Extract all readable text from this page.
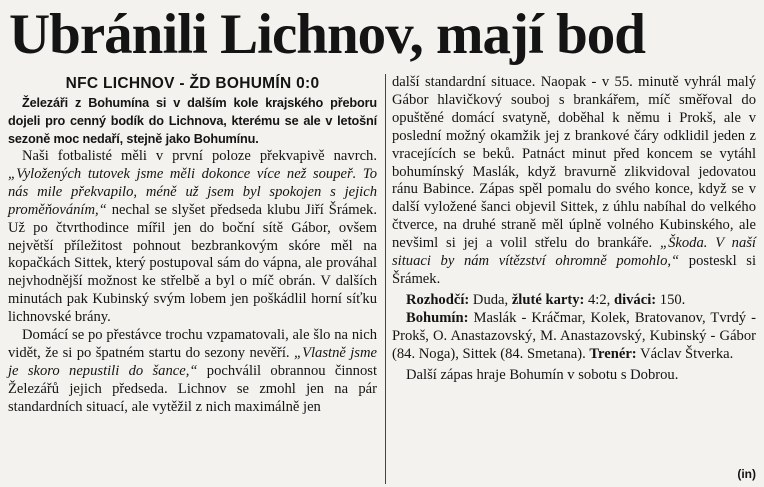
Ubránili Lichnov, mají bod

NFC LICHNOV - ŽD BOHUMÍN 0:0

Železáři z Bohumína si v dalším kole krajského přeboru dojeli pro cenný bodík do Lichnova, kterému se ale v letošní sezoně moc nedaří, stejně jako Bohumínu.

Naši fotbalisté měli v první poloze překvapivě navrch. „Vyložených tutovek jsme měli dokonce více než soupeř. To nás mile překvapilo, méně už jsem byl spokojen s jejich proměňováním,“ nechal se slyšet předseda klubu Jiří Šrámek. Už po čtvrthodince mířil jen do boční sítě Gábor, ovšem největší příležitost pohnout bezbrankovým skóre měl na kopačkách Sittek, který postupoval sám do vápna, ale prováhal nejvhodnější možnost ke střelbě a byl o míč obrán. V dalších minutách pak Kubinský svým lobem jen poškádlil horní síťku lichnovské brány.

Domácí se po přestávce trochu vzpamatovali, ale šlo na nich vidět, že si po špatném startu do sezony nevěří. „Vlastně jsme je skoro nepustili do šance,“ pochválil obrannou činnost Železářů jejich předseda. Lichnov se zmohl jen na pár standardních situací, ale vytěžil z nich maximálně jen

další standardní situace. Naopak - v 55. minutě vyhrál malý Gábor hlavičkový souboj s brankářem, míč směřoval do opuštěné domácí svatyně, doběhal k němu i Prokš, ale v poslední možný okamžik jej z brankové čáry odklidil jeden z vracejících se beků. Patnáct minut před koncem se vytáhl bohumínský Maslák, když bravurně zlikvidoval jedovatou ránu Babince. Zápas spěl pomalu do svého konce, když se v další vyložené šanci objevil Sittek, z úhlu nabíhal do velkého čtverce, na druhé straně měl úplně volného Kubinského, ale nevšiml si jej a volil střelu do brankáře. „Škoda. V naší situaci by nám vítězství ohromně pomohlo,“ posteskl si Šrámek.

Rozhodčí: Duda, žluté karty: 4:2, diváci: 150.

Bohumín: Maslák - Kráčmar, Kolek, Bratovanov, Tvrdý - Prokš, O. Anastazovský, M. Anastazovský, Kubinský - Gábor (84. Noga), Sittek (84. Smetana). Trenér: Václav Štverka.

Další zápas hraje Bohumín v sobotu s Dobrou.

(in)
